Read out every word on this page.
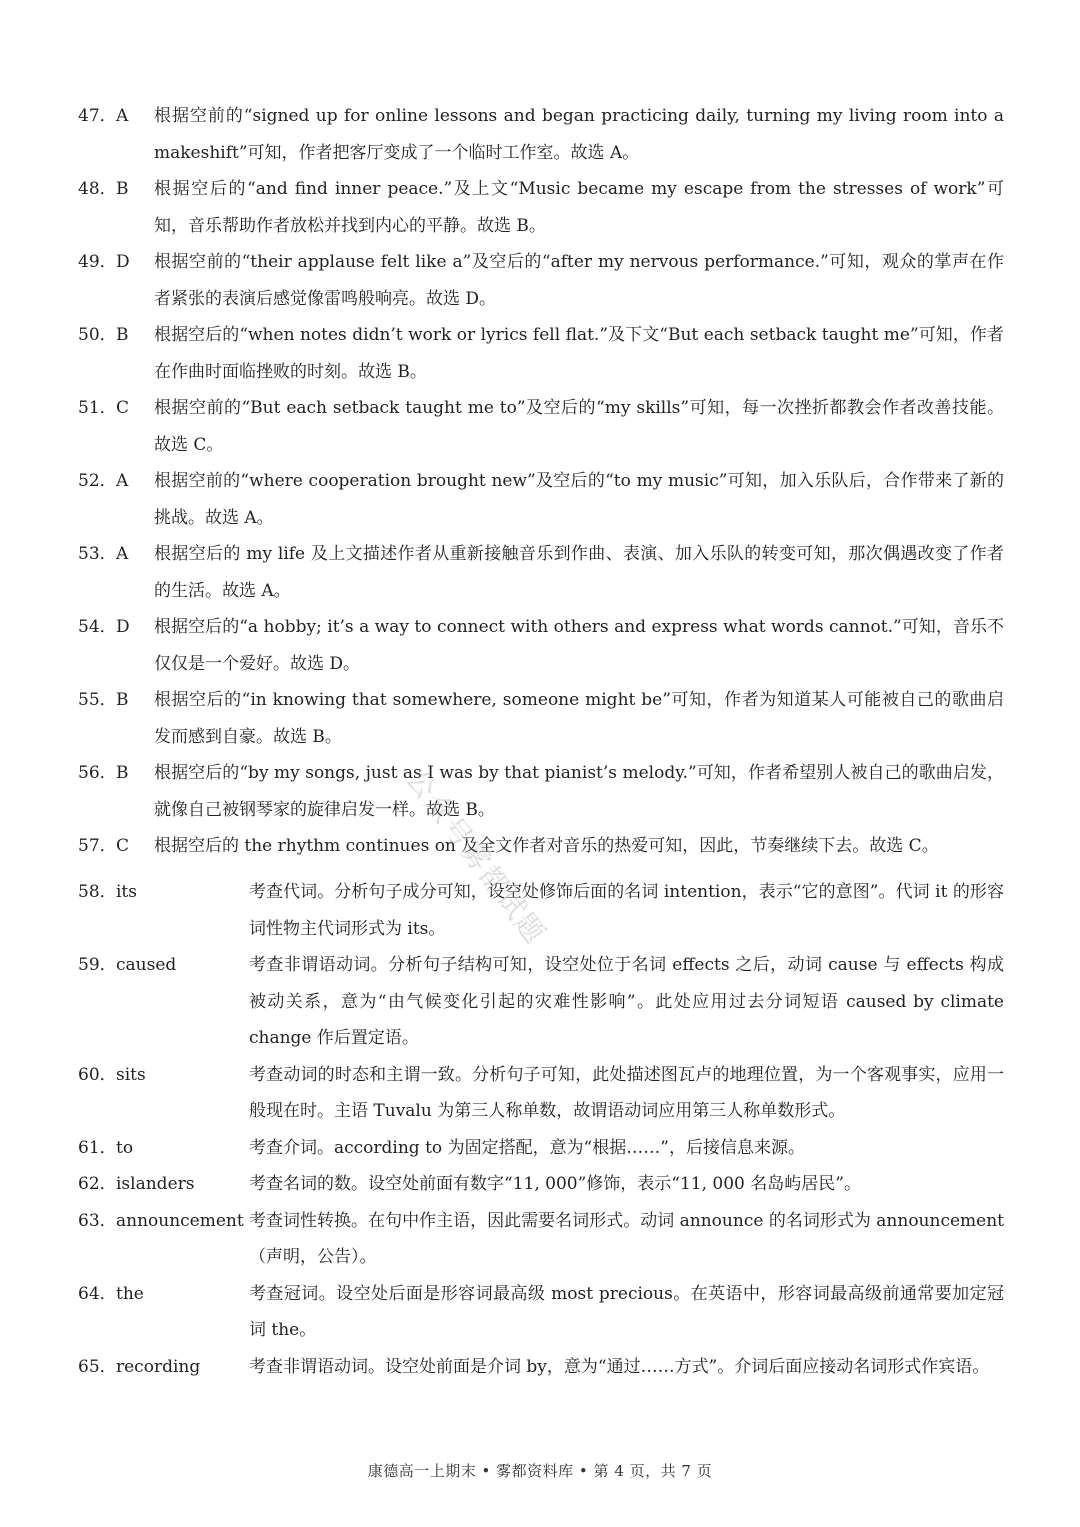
47． A	根据空前的“signed up for online lessons and began practicing daily, turning my living room into a makeshift”可知，作者把客厅变成了一个临时工作室。故选 A。
48． B	根据空后的“and find inner peace.”及上文“Music became my escape from the stresses of work”可知，音乐帮助作者放松并找到内心的平静。故选 B。
49． D	根据空前的“their applause felt like a”及空后的“after my nervous performance.”可知，观众的掌声在作者紧张的表演后感觉像雷鸣般响亮。故选 D。
50． B	根据空后的“when notes didn’t work or lyrics fell flat.”及下文“But each setback taught me”可知，作者在作曲时面临挫败的时刻。故选 B。
51． C	根据空前的“But each setback taught me to”及空后的“my skills”可知，每一次挫折都教会作者改善技能。故选 C。
52． A	根据空前的“where cooperation brought new”及空后的“to my music”可知，加入乐队后，合作带来了新的挑战。故选 A。
53． A	根据空后的 my life 及上文描述作者从重新接触音乐到作曲、表演、加入乐队的转变可知，那次偶遇改变了作者的生活。故选 A。
54． D	根据空后的“a hobby; it’s a way to connect with others and express what words cannot.”可知，音乐不仅仅是一个爱好。故选 D。
55． B	根据空后的“in knowing that somewhere, someone might be”可知，作者为知道某人可能被自己的歌曲启发而感到自豪。故选 B。
56． B	根据空后的“by my songs, just as I was by that pianist’s melody.”可知，作者希望别人被自己的歌曲启发，就像自己被钢琴家的旋律启发一样。故选 B。
57． C	根据空后的 the rhythm continues on 及全文作者对音乐的热爱可知，因此，节奏继续下去。故选 C。
58． its	考查代词。分析句子成分可知，设空处修饰后面的名词 intention，表示“它的意图”。代词 it 的形容词性物主代词形式为 its。
59． caused	考查非谓语动词。分析句子结构可知，设空处位于名词 effects 之后，动词 cause 与 effects 构成被动关系，意为“由气候变化引起的灾难性影响”。此处应用过去分词短语 caused by climate change 作后置定语。
60． sits	考查动词的时态和主谓一致。分析句子可知，此处描述图瓦卢的地理位置，为一个客观事实，应用一般现在时。主语 Tuvalu 为第三人称单数，故谓语动词应用第三人称单数形式。
61． to	考查介词。according to 为固定搭配，意为“根据……”，后接信息来源。
62． islanders	考查名词的数。设空处前面有数字“11, 000”修饰，表示“11, 000 名岛屿居民”。
63． announcement 考查词性转换。在句中作主语，因此需要名词形式。动词 announce 的名词形式为 announcement（声明，公告）。
64． the	考查冠词。设空处后面是形容词最高级 most precious。在英语中，形容词最高级前通常要加定冠词 the。
65． recording	考查非谓语动词。设空处前面是介词 by，意为“通过……方式”。介词后面应接动名词形式作宾语。
公众号雾都试题
康德高一上期末 • 雾都资料库 • 第 4 页，共 7 页
